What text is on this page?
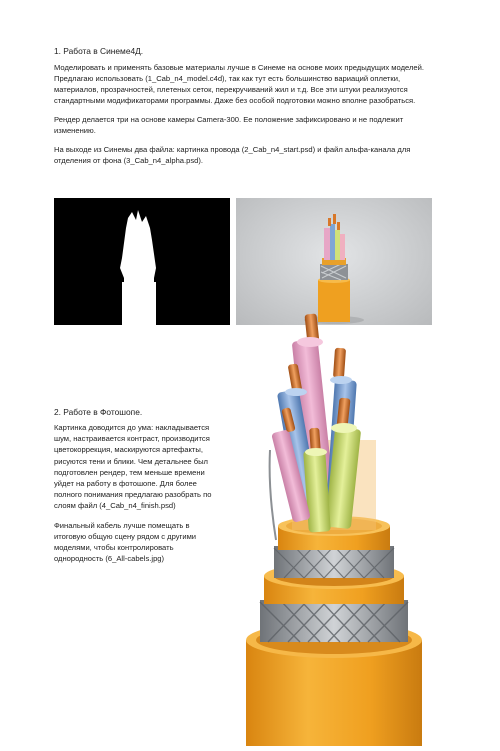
1. Работа в Синеме4Д.

Моделировать и применять базовые материалы лучше в Синеме на основе моих предыдущих моделей. Предлагаю использовать (1_Cab_n4_model.c4d), так как тут есть большинство вариаций оплетки, материалов, прозрачностей, плетеных сеток, перекручиваний жил и т.д. Все эти штуки реализуются стандартными модификаторами программы. Даже без особой подготовки можно вполне разобраться.

Рендер делается три на основе камеры Camera-300. Ее положение зафиксировано и не подлежит изменению.

На выходе из Синемы два файла: картинка провода (2_Cab_n4_start.psd) и файл альфа-канала для отделения от фона (3_Cab_n4_alpha.psd).

2. Работе в Фотошопе.

Картинка доводится до ума: накладывается шум, настраивается контраст, производится цветокоррекция, маскируются артефакты, рисуются тени и блики. Чем детальнее был подготовлен рендер, тем меньше времени уйдет на работу в фотошопе. Для более полного понимания предлагаю разобрать по слоям файл (4_Cab_n4_finish.psd)

Финальный кабель лучше помещать в итоговую общую сцену рядом с другими моделями, чтобы контролировать однородность (6_All-cabels.jpg)
